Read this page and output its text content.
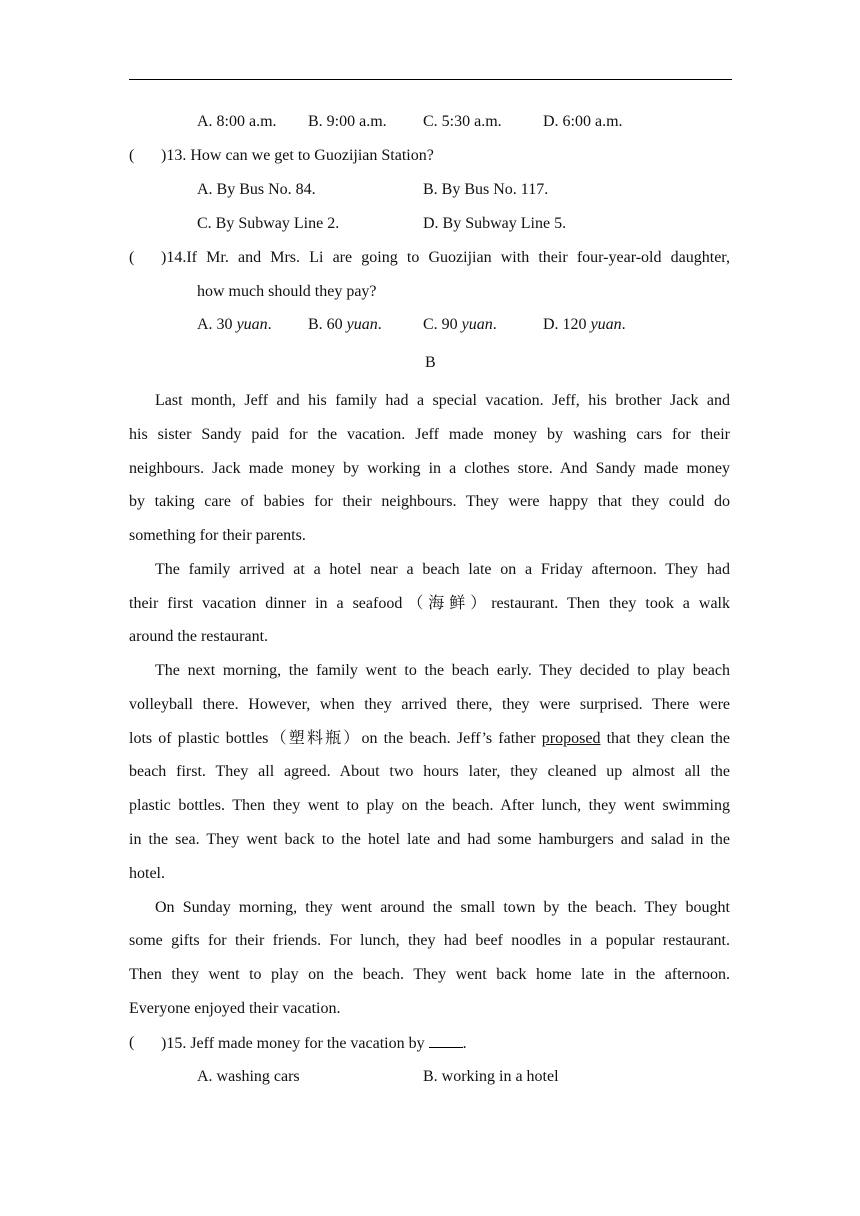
A. 8:00 a.m. B. 9:00 a.m. C. 5:30 a.m.	D. 6:00 a.m.
( )13. How can we get to Guozijian Station?
A. By Bus No. 84.	B. By Bus No. 117.
C. By Subway Line 2.	D. By Subway Line 5.
( )14.If Mr. and Mrs. Li are going to Guozijian with their four-year-old daughter,
how much should they pay?
A. 30 yuan. B. 60 yuan.	C. 90 yuan.	D. 120 yuan.
B
Last month, Jeff and his family had a special vacation. Jeff, his brother Jack and
his sister Sandy paid for the vacation. Jeff made money by washing cars for their
neighbours. Jack made money by working in a clothes store. And Sandy made money
by taking care of babies for their neighbours. They were happy that they could do
something for their parents.
The family arrived at a hotel near a beach late on a Friday afternoon. They had
their first vacation dinner in a seafood（海鲜）restaurant. Then they took a walk
around the restaurant.
The next morning, the family went to the beach early. They decided to play beach
volleyball there. However, when they arrived there, they were surprised. There were
lots of plastic bottles（塑料瓶）on the beach. Jeff’s father proposed that they clean the
beach first. They all agreed. About two hours later, they cleaned up almost all the
plastic bottles. Then they went to play on the beach. After lunch, they went swimming
in the sea. They went back to the hotel late and had some hamburgers and salad in the
hotel.
On Sunday morning, they went around the small town by the beach. They bought
some gifts for their friends. For lunch, they had beef noodles in a popular restaurant.
Then they went to play on the beach. They went back home late in the afternoon.
Everyone enjoyed their vacation.
( )15. Jeff made money for the vacation by .
A. washing cars	B. working in a hotel
